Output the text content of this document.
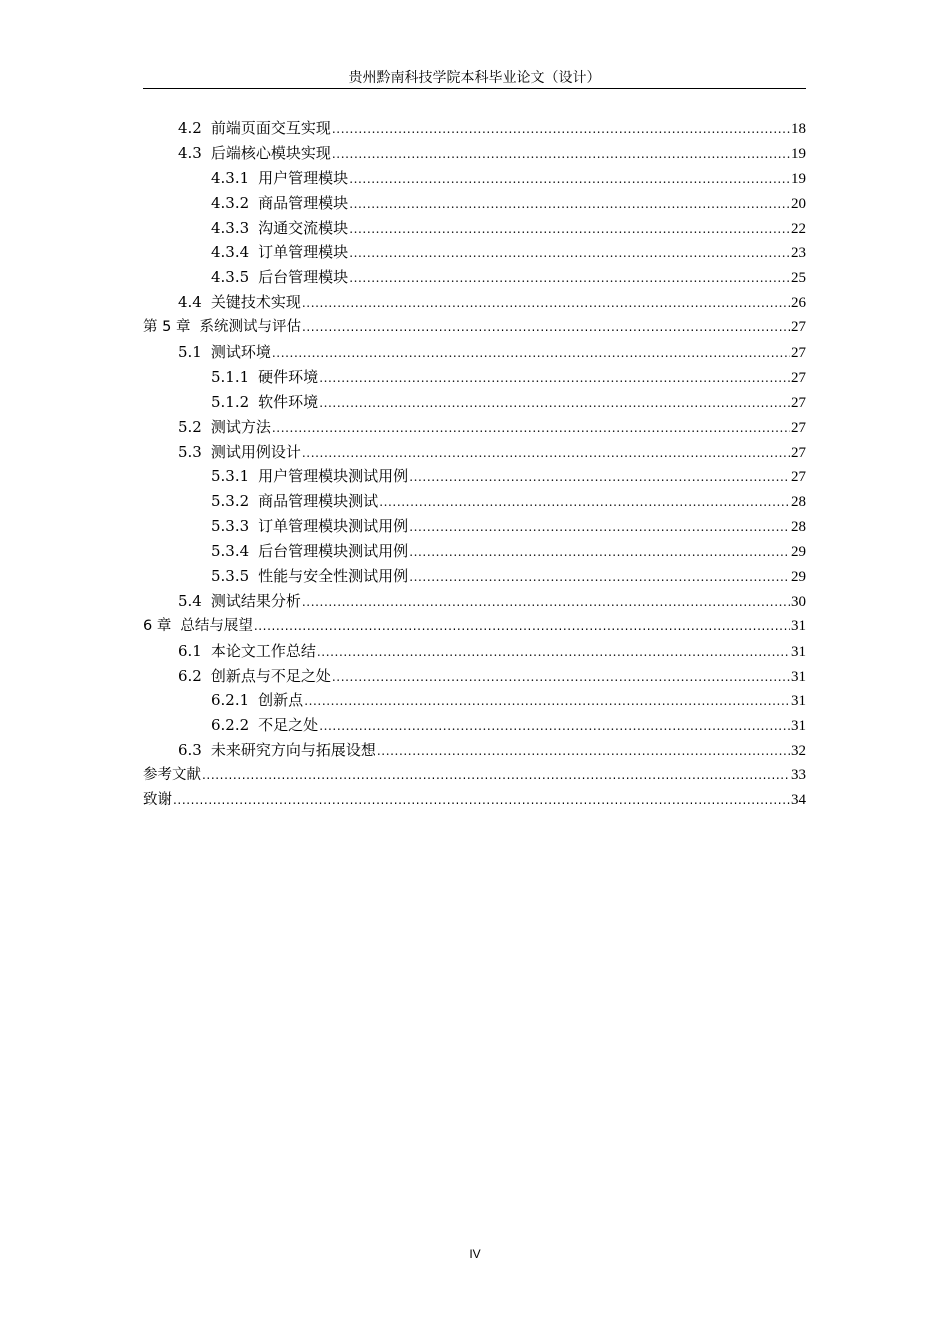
贵州黔南科技学院本科毕业论文（设计）
4.2 前端页面交互实现 .....	18
4.3 后端核心模块实现 .....	19
4.3.1 用户管理模块 .....	19
4.3.2 商品管理模块 .....	20
4.3.3 沟通交流模块 .....	22
4.3.4 订单管理模块 .....	23
4.3.5 后台管理模块 .....	25
4.4 关键技术实现 .....	26
第 5 章 系统测试与评估 .....	27
5.1 测试环境 .....	27
5.1.1 硬件环境 .....	27
5.1.2 软件环境 .....	27
5.2 测试方法 .....	27
5.3 测试用例设计 .....	27
5.3.1 用户管理模块测试用例 .....	27
5.3.2 商品管理模块测试 .....	28
5.3.3 订单管理模块测试用例 .....	28
5.3.4 后台管理模块测试用例 .....	29
5.3.5 性能与安全性测试用例 .....	29
5.4 测试结果分析 .....	30
6 章 总结与展望 .....	31
6.1 本论文工作总结 .....	31
6.2 创新点与不足之处 .....	31
6.2.1 创新点 .....	31
6.2.2 不足之处 .....	31
6.3 未来研究方向与拓展设想 .....	32
参考文献 .....	33
致谢 .....	34
IV
